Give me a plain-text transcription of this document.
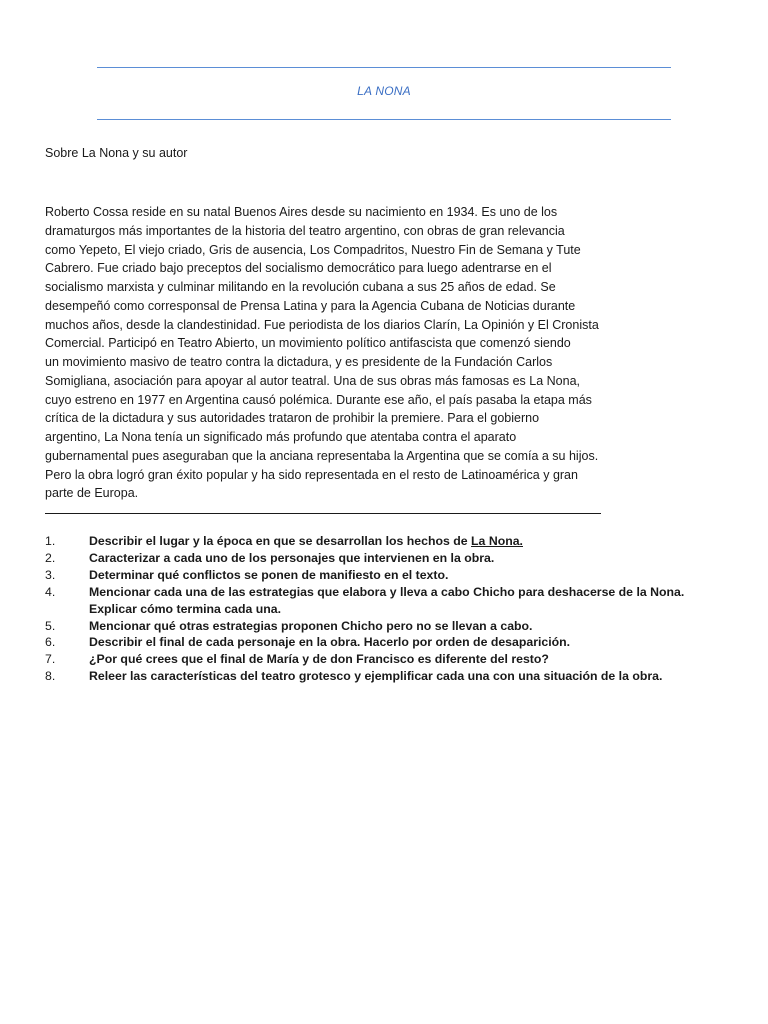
LA NONA
Sobre La Nona y su autor
Roberto Cossa reside en su natal Buenos Aires desde su nacimiento en 1934. Es uno de los
dramaturgos más importantes de la historia del teatro argentino, con obras de gran relevancia
como Yepeto, El viejo criado, Gris de ausencia, Los Compadritos, Nuestro Fin de Semana y Tute
Cabrero. Fue criado bajo preceptos del socialismo democrático para luego adentrarse en el
socialismo marxista y culminar militando en la revolución cubana a sus 25 años de edad. Se
desempeñó como corresponsal de Prensa Latina y para la Agencia Cubana de Noticias durante
muchos años, desde la clandestinidad. Fue periodista de los diarios Clarín, La Opinión y El Cronista
Comercial. Participó en Teatro Abierto, un movimiento político antifascista que comenzó siendo
un movimiento masivo de teatro contra la dictadura, y es presidente de la Fundación Carlos
Somigliana, asociación para apoyar al autor teatral. Una de sus obras más famosas es La Nona,
cuyo estreno en 1977 en Argentina causó polémica. Durante ese año, el país pasaba la etapa más
crítica de la dictadura y sus autoridades trataron de prohibir la premiere. Para el gobierno
argentino, La Nona tenía un significado más profundo que atentaba contra el aparato
gubernamental pues aseguraban que la anciana representaba la Argentina que se comía a su hijos.
Pero la obra logró gran éxito popular y ha sido representada en el resto de Latinoamérica y gran
parte de Europa.
1.	Describir el lugar y la época en que se desarrollan los hechos de La Nona.
2.	Caracterizar a cada uno de los personajes que intervienen en la obra.
3.	Determinar qué conflictos se ponen de manifiesto en el texto.
4.	Mencionar cada una de las estrategias que elabora y lleva a cabo Chicho para deshacerse de la Nona.
Explicar cómo termina cada una.
5.	Mencionar qué otras estrategias proponen Chicho pero no se llevan a cabo.
6.	Describir el final de cada personaje en la obra. Hacerlo por orden de desaparición.
7.	¿Por qué crees que el final de María y de don Francisco es diferente del resto?
8.	Releer las características del teatro grotesco y ejemplificar cada una con una situación de la obra.
